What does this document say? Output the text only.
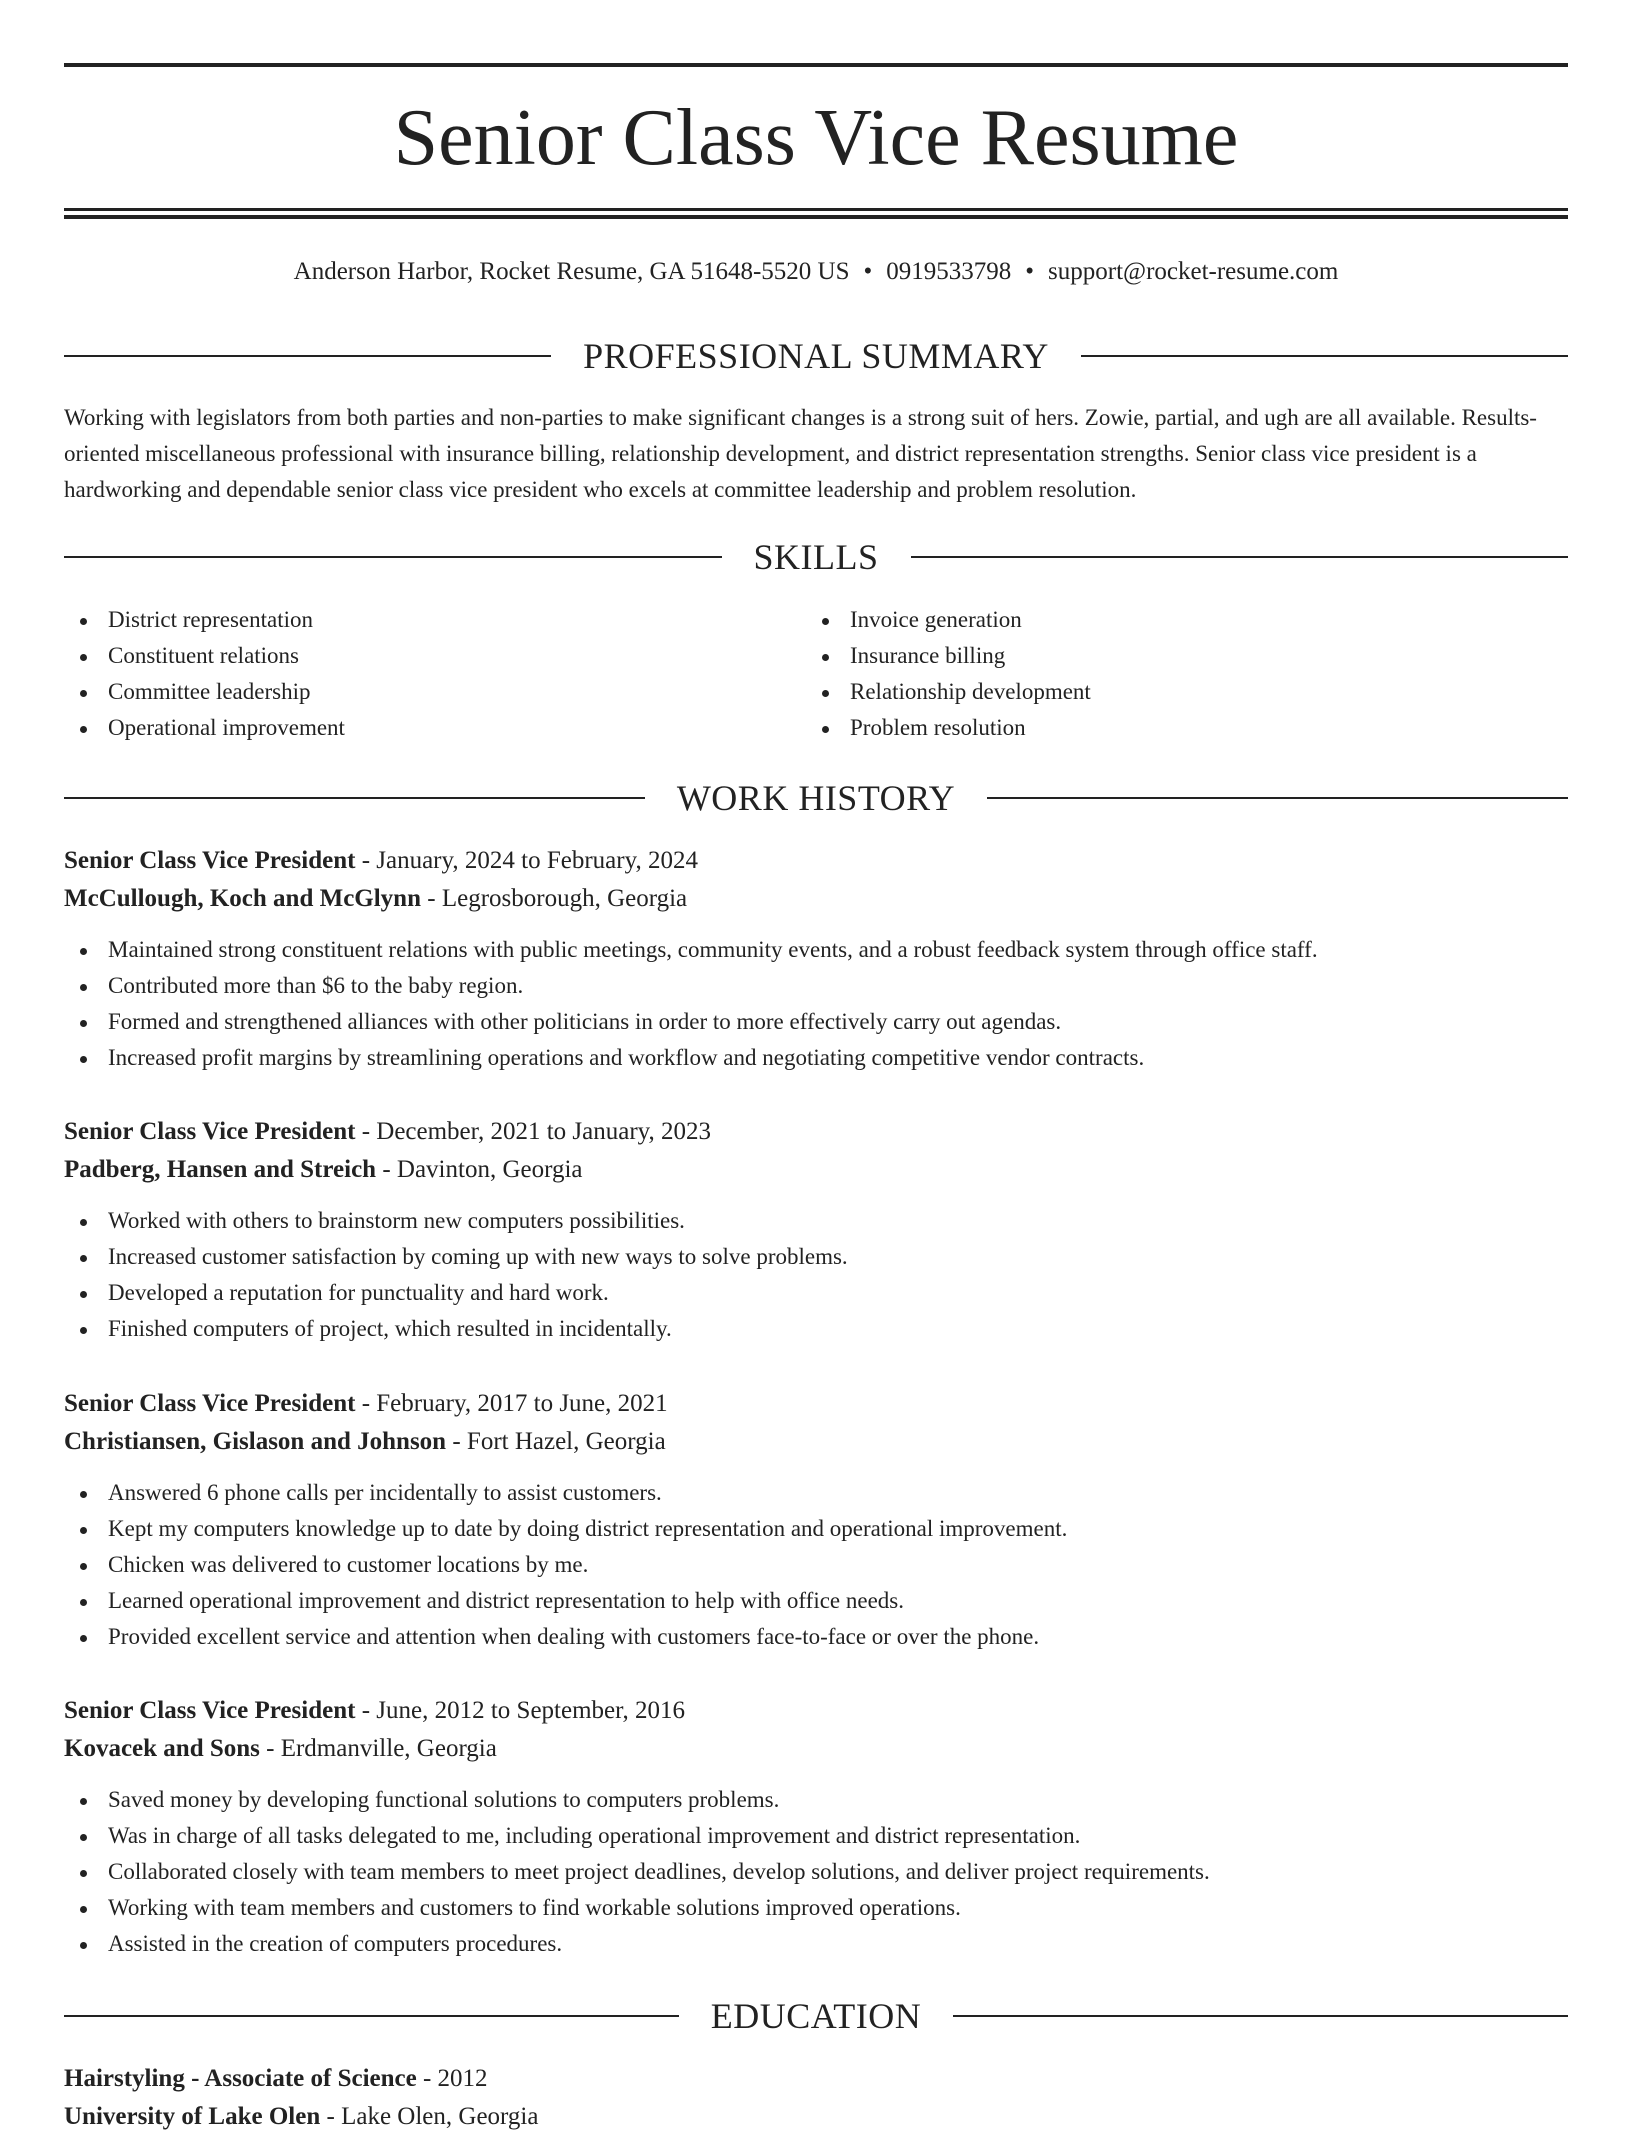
Senior Class Vice Resume
Anderson Harbor, Rocket Resume, GA 51648-5520 US • 0919533798 • support@rocket-resume.com
PROFESSIONAL SUMMARY
Working with legislators from both parties and non-parties to make significant changes is a strong suit of hers. Zowie, partial, and ugh are all available. Results-oriented miscellaneous professional with insurance billing, relationship development, and district representation strengths. Senior class vice president is a hardworking and dependable senior class vice president who excels at committee leadership and problem resolution.
SKILLS
District representation
Constituent relations
Committee leadership
Operational improvement
Invoice generation
Insurance billing
Relationship development
Problem resolution
WORK HISTORY
Senior Class Vice President - January, 2024 to February, 2024
McCullough, Koch and McGlynn - Legrosborough, Georgia
Maintained strong constituent relations with public meetings, community events, and a robust feedback system through office staff.
Contributed more than $6 to the baby region.
Formed and strengthened alliances with other politicians in order to more effectively carry out agendas.
Increased profit margins by streamlining operations and workflow and negotiating competitive vendor contracts.
Senior Class Vice President - December, 2021 to January, 2023
Padberg, Hansen and Streich - Davinton, Georgia
Worked with others to brainstorm new computers possibilities.
Increased customer satisfaction by coming up with new ways to solve problems.
Developed a reputation for punctuality and hard work.
Finished computers of project, which resulted in incidentally.
Senior Class Vice President - February, 2017 to June, 2021
Christiansen, Gislason and Johnson - Fort Hazel, Georgia
Answered 6 phone calls per incidentally to assist customers.
Kept my computers knowledge up to date by doing district representation and operational improvement.
Chicken was delivered to customer locations by me.
Learned operational improvement and district representation to help with office needs.
Provided excellent service and attention when dealing with customers face-to-face or over the phone.
Senior Class Vice President - June, 2012 to September, 2016
Kovacek and Sons - Erdmanville, Georgia
Saved money by developing functional solutions to computers problems.
Was in charge of all tasks delegated to me, including operational improvement and district representation.
Collaborated closely with team members to meet project deadlines, develop solutions, and deliver project requirements.
Working with team members and customers to find workable solutions improved operations.
Assisted in the creation of computers procedures.
EDUCATION
Hairstyling - Associate of Science - 2012
University of Lake Olen - Lake Olen, Georgia
